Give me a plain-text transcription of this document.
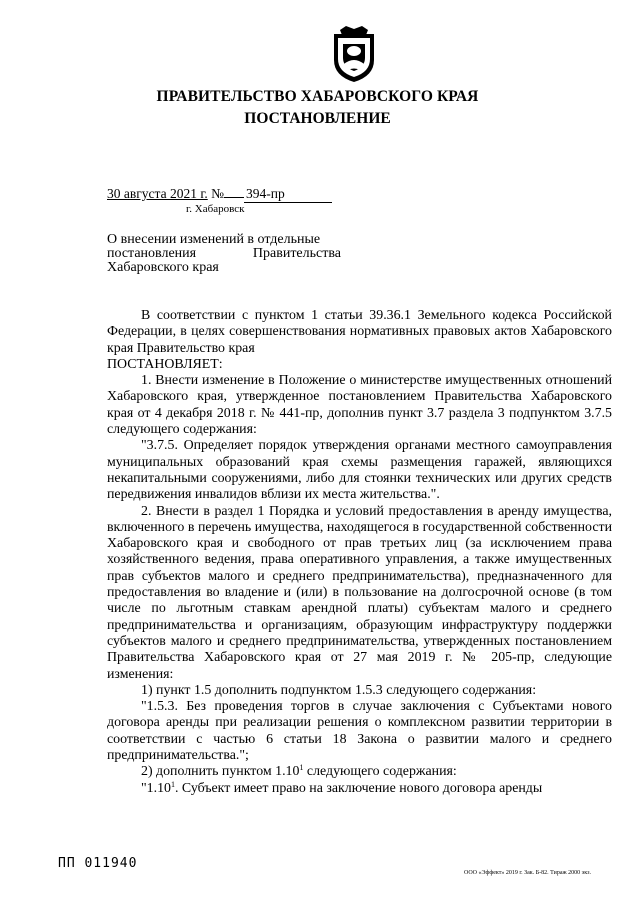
ПРАВИТЕЛЬСТВО ХАБАРОВСКОГО КРАЯ
ПОСТАНОВЛЕНИЕ
30 августа 2021 г. № 394-пр
г. Хабаровск
О внесении изменений в отдельные
постановления	Правительства
Хабаровского края

В соответствии с пунктом 1 статьи 39.36.1 Земельного кодекса Российской Федерации, в целях совершенствования нормативных правовых актов Хабаровского края Правительство края

ПОСТАНОВЛЯЕТ:

1. Внести изменение в Положение о министерстве имущественных отношений Хабаровского края, утвержденное постановлением Правительства Хабаровского края от 4 декабря 2018 г. № 441-пр, дополнив пункт 3.7 раздела 3 подпунктом 3.7.5 следующего содержания:

"3.7.5. Определяет порядок утверждения органами местного самоуправления муниципальных образований края схемы размещения гаражей, являющихся некапитальными сооружениями, либо для стоянки технических или других средств передвижения инвалидов вблизи их места жительства.".

2. Внести в раздел 1 Порядка и условий предоставления в аренду имущества, включенного в перечень имущества, находящегося в государственной собственности Хабаровского края и свободного от прав третьих лиц (за исключением права хозяйственного ведения, права оперативного управления, а также имущественных прав субъектов малого и среднего предпринимательства), предназначенного для предоставления во владение и (или) в пользование на долгосрочной основе (в том числе по льготным ставкам арендной платы) субъектам малого и среднего предпринимательства и организациям, образующим инфраструктуру поддержки субъектов малого и среднего предпринимательства, утвержденных постановлением Правительства Хабаровского края от 27 мая 2019 г. № 205-пр, следующие изменения:

1) пункт 1.5 дополнить подпунктом 1.5.3 следующего содержания:

"1.5.3. Без проведения торгов в случае заключения с Субъектами нового договора аренды при реализации решения о комплексном развитии территории в соответствии с частью 6 статьи 18 Закона о развитии малого и среднего предпринимательства.";

2) дополнить пунктом 1.10$^1$ следующего содержания:

"1.10$^1$. Субъект имеет право на заключение нового договора аренды

ПП 011940
ООО «Эффект» 2019 г. Зак. Б-82. Тираж 2000 экз.
